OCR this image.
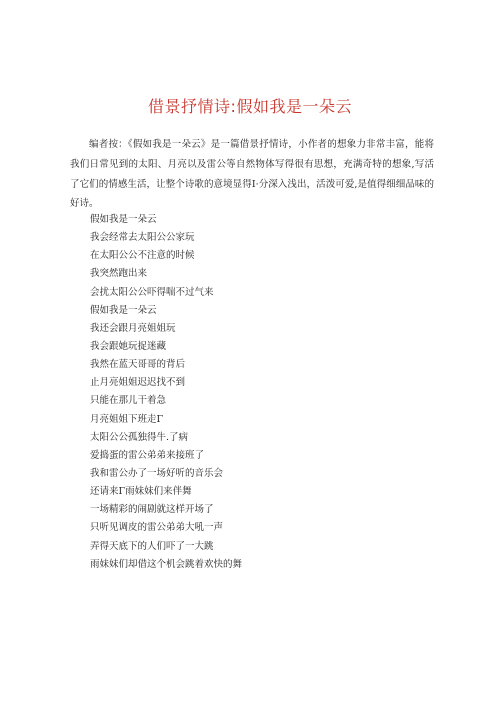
借景抒情诗:假如我是一朵云

编者按：《假如我是一朵云》是一篇借景抒情诗，小作者的想象力非常丰富，能将我们日常见到的太阳、月亮以及雷公等自然物体写得很有思想，充满奇特的想象,写活了它们的情感生活，让整个诗歌的意境显得Ⅰ·分深入浅出，活泼可爱,是值得细细品味的好诗。

假如我是一朵云
我会经常去太阳公公家玩
在太阳公公不注意的时候
我突然跑出来
会扰太阳公公吓得喘不过气来
假如我是一朵云
我还会跟月亮姐姐玩
我会跟她玩捉迷藏
我然在蓝天哥哥的背后
止月亮姐姐迟迟找不到
只能在那儿干着急
月亮姐姐下班走Γ
太阳公公孤独得牛.了病
爱捣蛋的雷公弟弟来接班了
我和雷公办了一场好听的音乐会
还请来Γ雨妹妹们来伴舞
一场精彩的闹剧就这样开场了
只听见调皮的雷公弟弟大吼一声
弄得天底下的人们吓了一大跳
雨妹妹们却借这个机会跳着欢快的舞
